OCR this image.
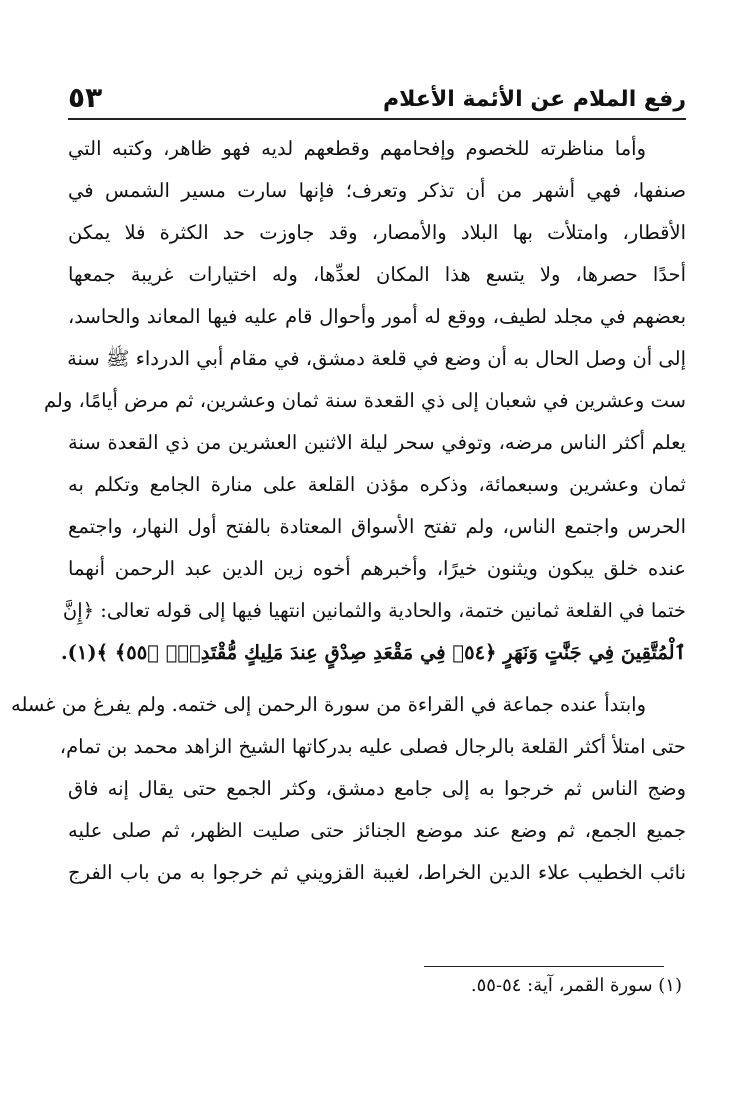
رفع الملام عن الأئمة الأعلام
٥٣
وأما مناظرته للخصوم وإفحامهم وقطعهم لديه فهو ظاهر، وكتبه التي
صنفها، فهي أشهر من أن تذكر وتعرف؛ فإنها سارت مسير الشمس في
الأقطار، وامتلأت بها البلاد والأمصار، وقد جاوزت حد الكثرة فلا يمكن
أحدًا حصرها، ولا يتسع هذا المكان لعدِّها، وله اختيارات غريبة جمعها
بعضهم في مجلد لطيف، ووقع له أمور وأحوال قام عليه فيها المعاند والحاسد،
إلى أن وصل الحال به أن وضع في قلعة دمشق، في مقام أبي الدرداء ﷺ سنة
ست وعشرين في شعبان إلى ذي القعدة سنة ثمان وعشرين، ثم مرض أيامًا، ولم
يعلم أكثر الناس مرضه، وتوفي سحر ليلة الاثنين العشرين من ذي القعدة سنة
ثمان وعشرين وسبعمائة، وذكره مؤذن القلعة على منارة الجامع وتكلم به
الحرس واجتمع الناس، ولم تفتح الأسواق المعتادة بالفتح أول النهار، واجتمع
عنده خلق يبكون ويثنون خيرًا، وأخبرهم أخوه زين الدين عبد الرحمن أنهما
ختما في القلعة ثمانين ختمة، والحادية والثمانين انتهيا فيها إلى قوله تعالى: ﴿إِنَّ
ٱلْمُتَّقِينَ فِي جَنَّٰتٍ وَنَهَرٍ ﴿٥٤﴾ فِي مَقْعَدِ صِدْقٍ عِندَ مَلِيكٍ مُّقْتَدِرٍۭ ﴿٥٥﴾ ﴾(١).
وابتدأ عنده جماعة في القراءة من سورة الرحمن إلى ختمه. ولم يفرغ من غسله
حتى امتلأ أكثر القلعة بالرجال فصلى عليه بدركاتها الشيخ الزاهد محمد بن تمام،
وضج الناس ثم خرجوا به إلى جامع دمشق، وكثر الجمع حتى يقال إنه فاق
جميع الجمع، ثم وضع عند موضع الجنائز حتى صليت الظهر، ثم صلى عليه
نائب الخطيب علاء الدين الخراط، لغيبة القزويني ثم خرجوا به من باب الفرج
(١) سورة القمر، آية: ٥٤-٥٥.
